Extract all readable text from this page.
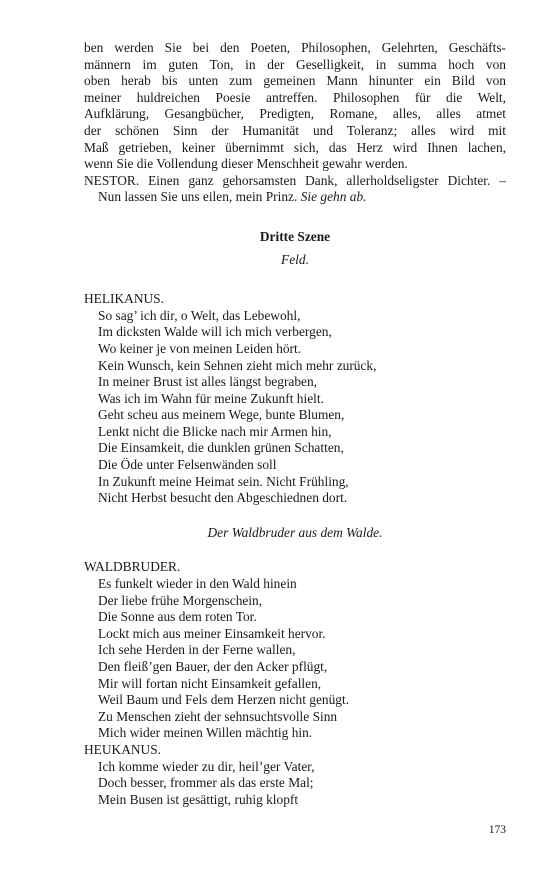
ben werden Sie bei den Poeten, Philosophen, Gelehrten, Geschäfts-
männern im guten Ton, in der Geselligkeit, in summa hoch von
oben herab bis unten zum gemeinen Mann hinunter ein Bild von
meiner huldreichen Poesie antreffen. Philosophen für die Welt,
Aufklärung, Gesangbücher, Predigten, Romane, alles, alles atmet
der schönen Sinn der Humanität und Toleranz; alles wird mit
Maß getrieben, keiner übernimmt sich, das Herz wird Ihnen lachen,
wenn Sie die Vollendung dieser Menschheit gewahr werden.
NESTOR. Einen ganz gehorsamsten Dank, allerholdseligster Dichter. –
Nun lassen Sie uns eilen, mein Prinz. Sie gehn ab.
Dritte Szene
Feld.
HELIKANUS.
So sag’ ich dir, o Welt, das Lebewohl,
Im dicksten Walde will ich mich verbergen,
Wo keiner je von meinen Leiden hört.
Kein Wunsch, kein Sehnen zieht mich mehr zurück,
In meiner Brust ist alles längst begraben,
Was ich im Wahn für meine Zukunft hielt.
Geht scheu aus meinem Wege, bunte Blumen,
Lenkt nicht die Blicke nach mir Armen hin,
Die Einsamkeit, die dunklen grünen Schatten,
Die Öde unter Felsenwänden soll
In Zukunft meine Heimat sein. Nicht Frühling,
Nicht Herbst besucht den Abgeschiednen dort.
Der Waldbruder aus dem Walde.
WALDBRUDER.
Es funkelt wieder in den Wald hinein
Der liebe frühe Morgenschein,
Die Sonne aus dem roten Tor.
Lockt mich aus meiner Einsamkeit hervor.
Ich sehe Herden in der Ferne wallen,
Den fleiß’gen Bauer, der den Acker pflügt,
Mir will fortan nicht Einsamkeit gefallen,
Weil Baum und Fels dem Herzen nicht genügt.
Zu Menschen zieht der sehnsuchtsvolle Sinn
Mich wider meinen Willen mächtig hin.
HEUKANUS.
Ich komme wieder zu dir, heil’ger Vater,
Doch besser, frommer als das erste Mal;
Mein Busen ist gesättigt, ruhig klopft
173
